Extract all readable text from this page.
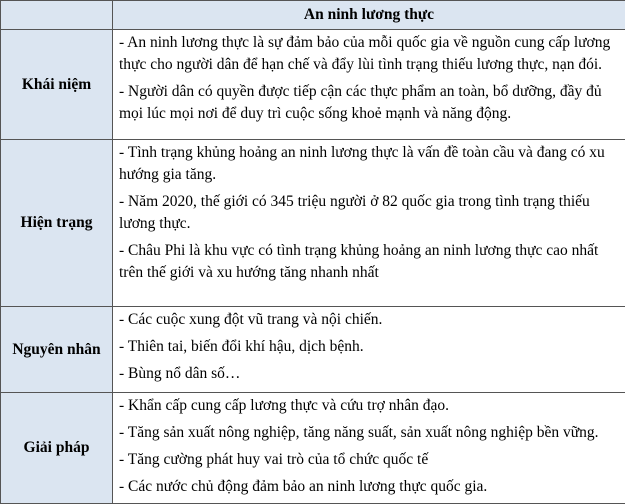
	An ninh lương thực
Khái niệm	- An ninh lương thực là sự đảm bảo của mỗi quốc gia về nguồn cung cấp lương thực cho người dân để hạn chế và đẩy lùi tình trạng thiếu lương thực, nạn đói.

- Người dân có quyền được tiếp cận các thực phẩm an toàn, bổ dưỡng, đầy đủ mọi lúc mọi nơi để duy trì cuộc sống khoẻ mạnh và năng động.

Hiện trạng	- Tình trạng khủng hoảng an ninh lương thực là vấn đề toàn cầu và đang có xu hướng gia tăng.

- Năm 2020, thế giới có 345 triệu người ở 82 quốc gia trong tình trạng thiếu lương thực.

- Châu Phi là khu vực có tình trạng khủng hoảng an ninh lương thực cao nhất trên thế giới và xu hướng tăng nhanh nhất

Nguyên nhân	- Các cuộc xung đột vũ trang và nội chiến.

- Thiên tai, biến đổi khí hậu, dịch bệnh.

- Bùng nổ dân số…

Giải pháp	- Khẩn cấp cung cấp lương thực và cứu trợ nhân đạo.

- Tăng sản xuất nông nghiệp, tăng năng suất, sản xuất nông nghiệp bền vững.

- Tăng cường phát huy vai trò của tổ chức quốc tế

- Các nước chủ động đảm bảo an ninh lương thực quốc gia.
